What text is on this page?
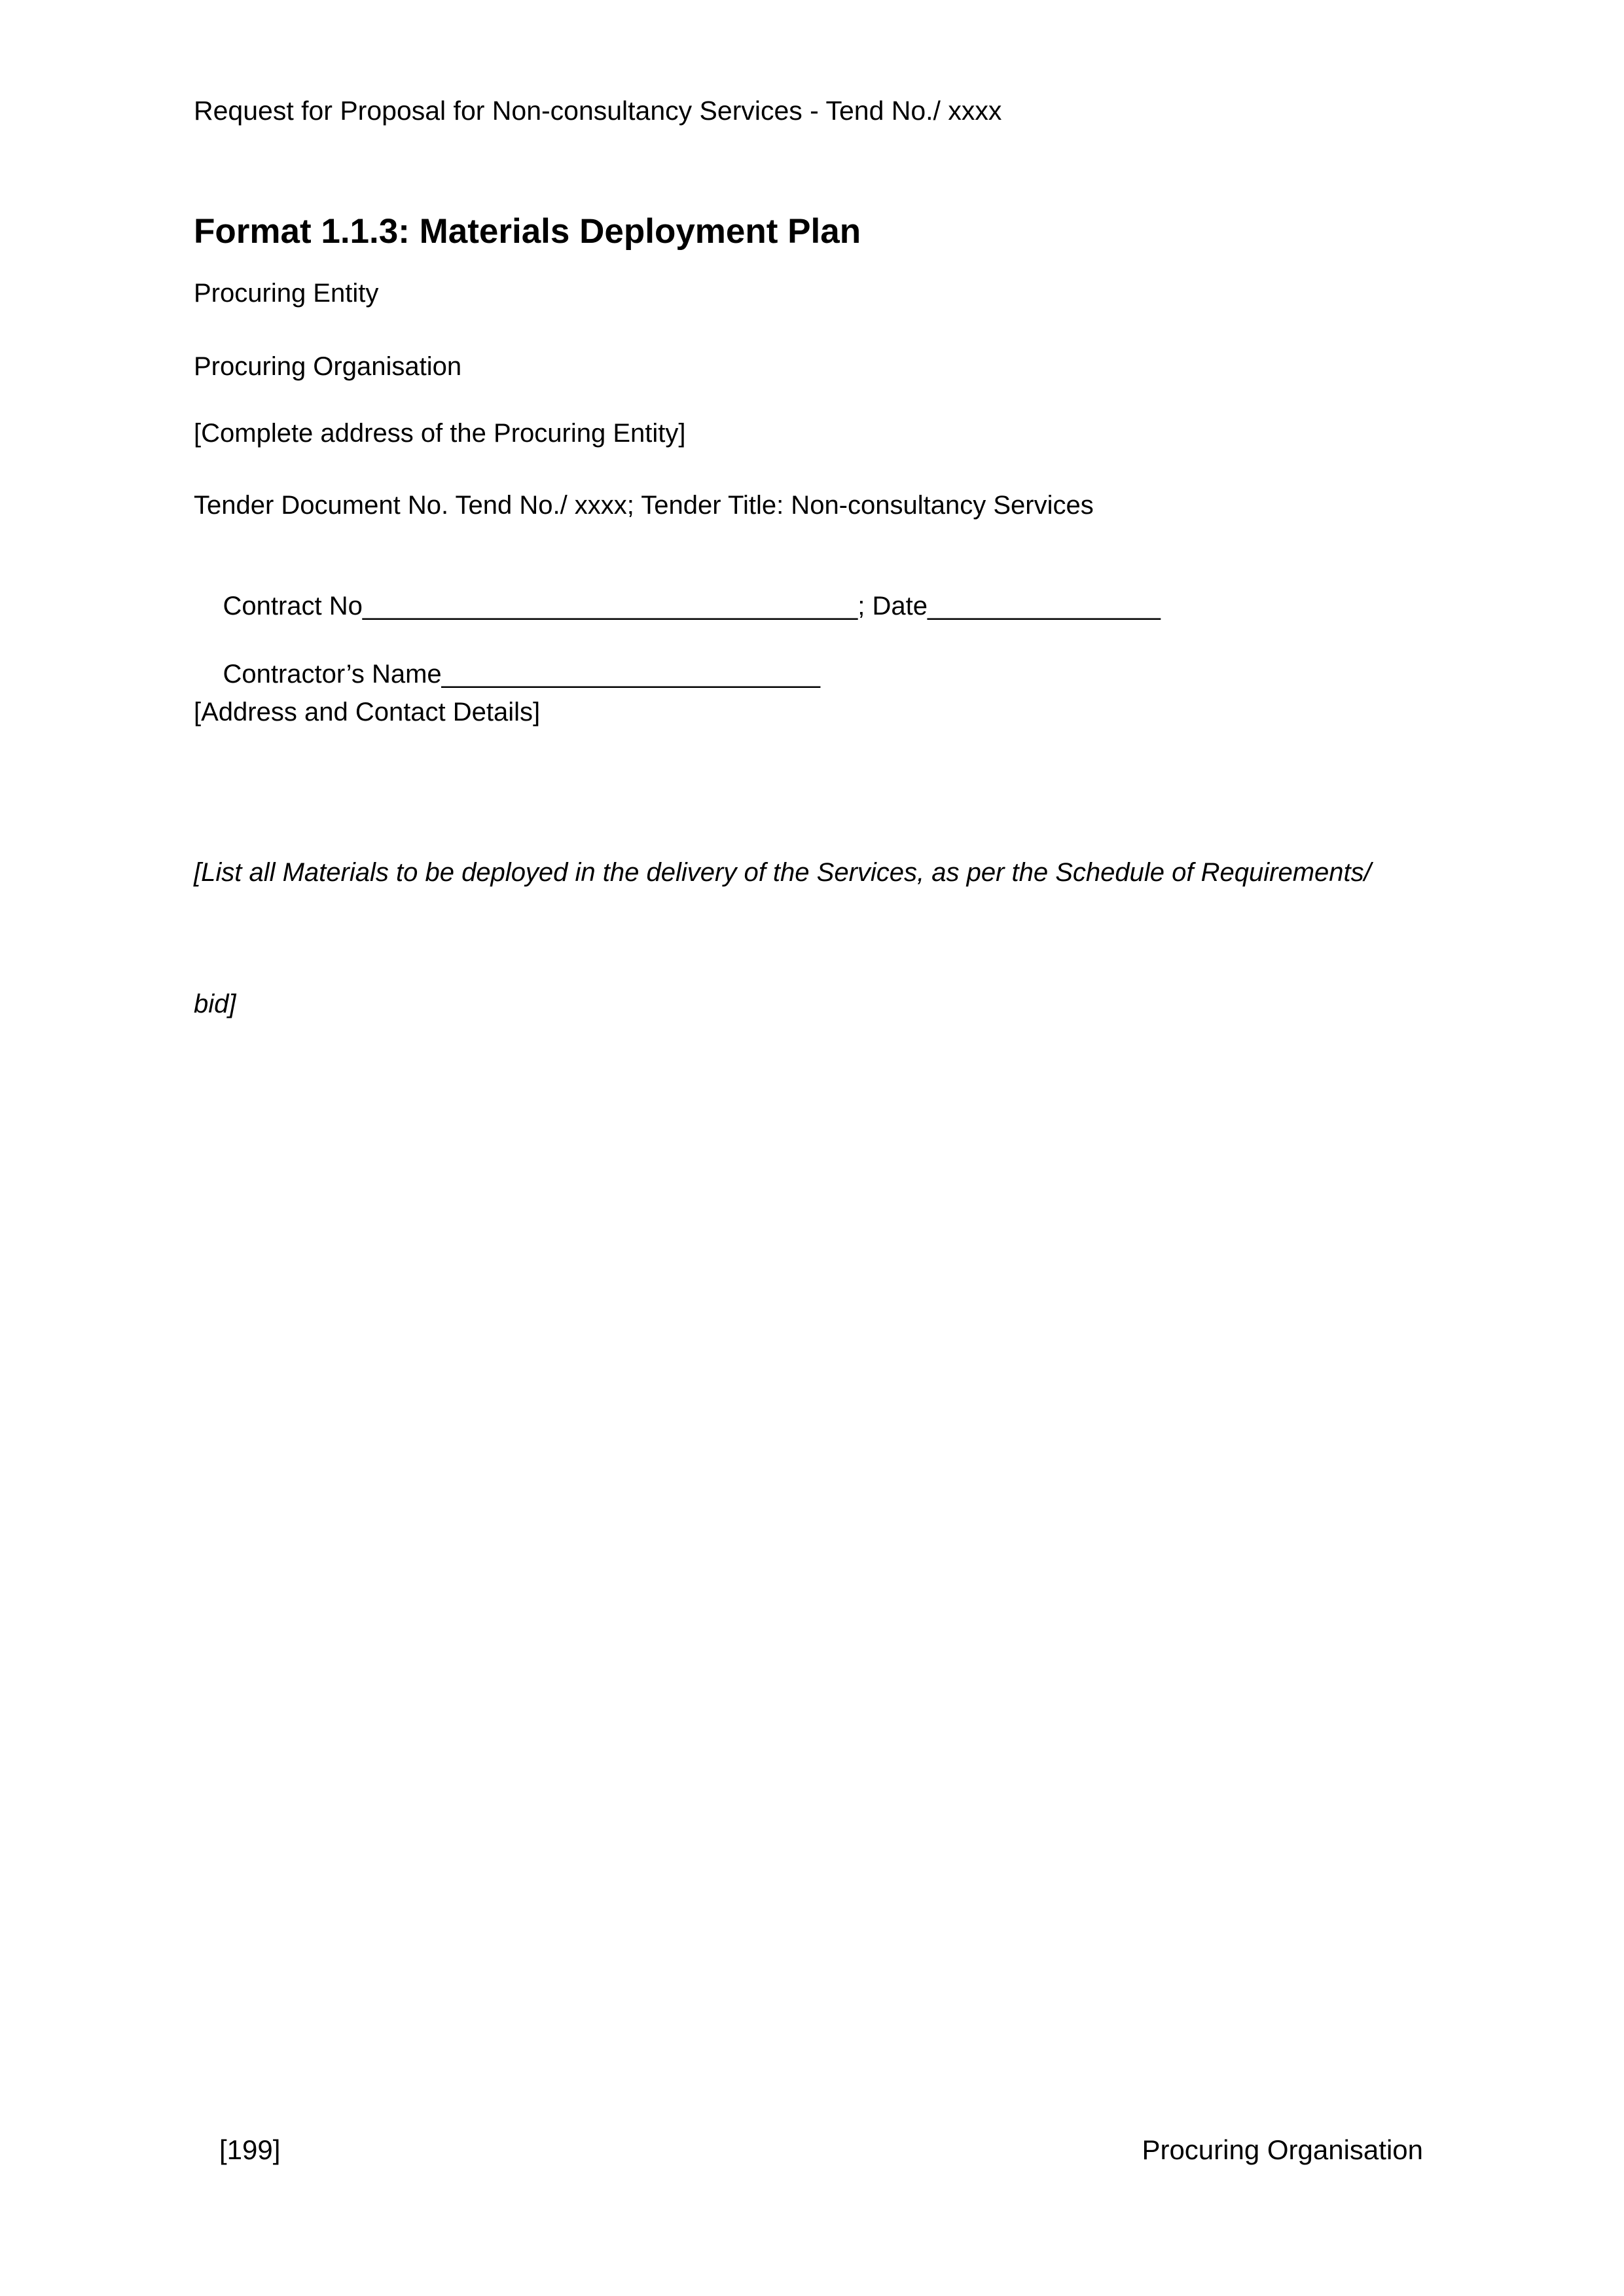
Request for Proposal for Non-consultancy Services - Tend No./ xxxx
Format 1.1.3: Materials Deployment Plan
Procuring Entity
Procuring Organisation
[Complete address of the Procuring Entity]
Tender Document No. Tend No./ xxxx; Tender Title: Non-consultancy Services

Contract No__________________________________; Date________________

Contractor’s Name__________________________

[Address and Contact Details]

[List all Materials to be deployed in the delivery of the Services, as per the Schedule of Requirements/

bid]

[199]	Procuring Organisation
